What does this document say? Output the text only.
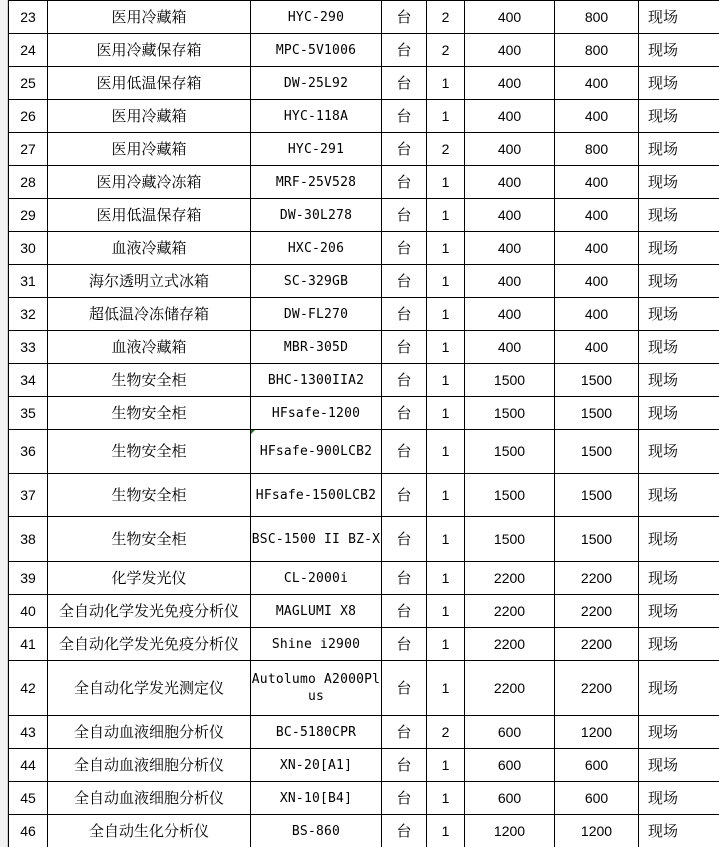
23	医用冷藏箱	HYC-290	台	2	400	800	现场
24	医用冷藏保存箱	MPC-5V1006	台	2	400	800	现场
25	医用低温保存箱	DW-25L92	台	1	400	400	现场
26	医用冷藏箱	HYC-118A	台	1	400	400	现场
27	医用冷藏箱	HYC-291	台	2	400	800	现场
28	医用冷藏冷冻箱	MRF-25V528	台	1	400	400	现场
29	医用低温保存箱	DW-30L278	台	1	400	400	现场
30	血液冷藏箱	HXC-206	台	1	400	400	现场
31	海尔透明立式冰箱	SC-329GB	台	1	400	400	现场
32	超低温冷冻储存箱	DW-FL270	台	1	400	400	现场
33	血液冷藏箱	MBR-305D	台	1	400	400	现场
34	生物安全柜	BHC-1300IIA2	台	1	1500	1500	现场
35	生物安全柜	HFsafe-1200	台	1	1500	1500	现场
36	生物安全柜	HFsafe-900LCB2	台	1	1500	1500	现场
37	生物安全柜	HFsafe-1500LCB2	台	1	1500	1500	现场
38	生物安全柜	BSC-1500 II BZ-X	台	1	1500	1500	现场
39	化学发光仪	CL-2000i	台	1	2200	2200	现场
40	全自动化学发光免疫分析仪	MAGLUMI X8	台	1	2200	2200	现场
41	全自动化学发光免疫分析仪	Shine i2900	台	1	2200	2200	现场
42	全自动化学发光测定仪	Autolumo A2000Plus	台	1	2200	2200	现场
43	全自动血液细胞分析仪	BC-5180CPR	台	2	600	1200	现场
44	全自动血液细胞分析仪	XN-20[A1]	台	1	600	600	现场
45	全自动血液细胞分析仪	XN-10[B4]	台	1	600	600	现场
46	全自动生化分析仪	BS-860	台	1	1200	1200	现场
